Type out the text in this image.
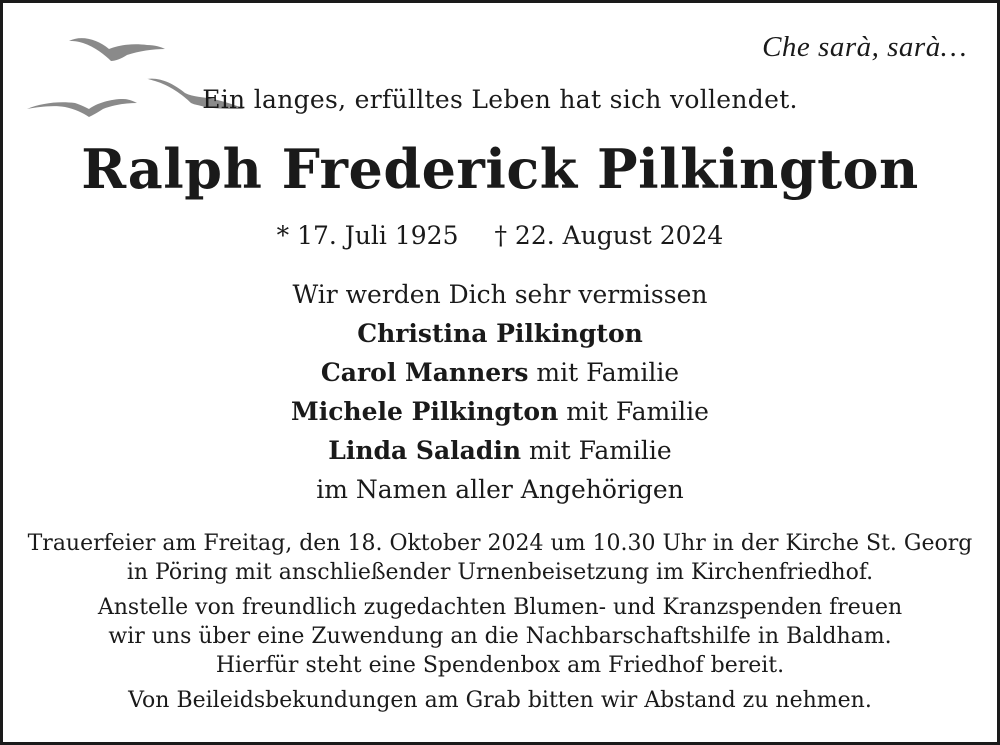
Che sarà, sarà…
Ein langes, erfülltes Leben hat sich vollendet.
Ralph Frederick Pilkington
* 17. Juli 1925 † 22. August 2024
Wir werden Dich sehr vermissen
Christina Pilkington
Carol Manners mit Familie
Michele Pilkington mit Familie
Linda Saladin mit Familie
im Namen aller Angehörigen

Trauerfeier am Freitag, den 18. Oktober 2024 um 10.30 Uhr in der Kirche St. Georg
in Pöring mit anschließender Urnenbeisetzung im Kirchenfriedhof.

Anstelle von freundlich zugedachten Blumen- und Kranzspenden freuen
wir uns über eine Zuwendung an die Nachbarschaftshilfe in Baldham.
Hierfür steht eine Spendenbox am Friedhof bereit.

Von Beileidsbekundungen am Grab bitten wir Abstand zu nehmen.
